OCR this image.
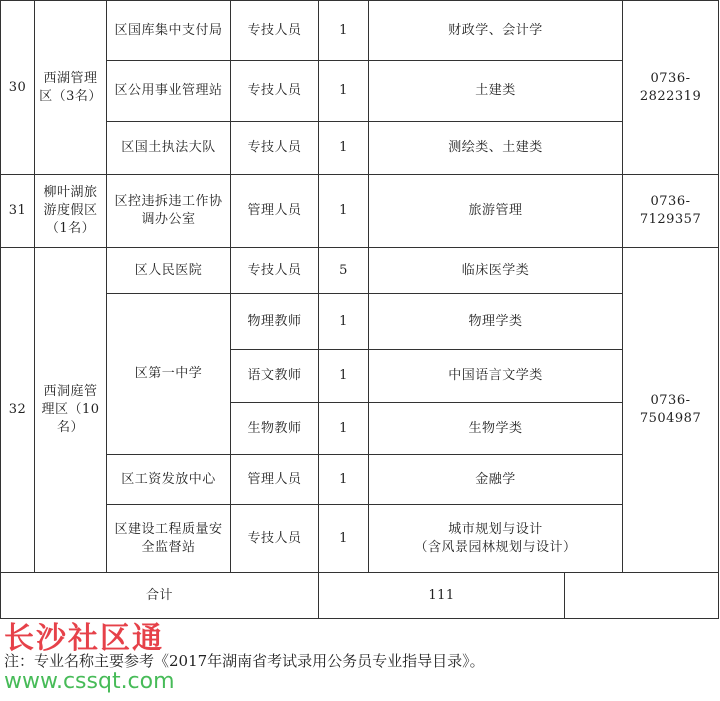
30	西湖管理区（3名）	区国库集中支付局	专技人员	1	财政学、会计学		0736-2822319
		区公用事业管理站	专技人员	1	土建类		
		区国土执法大队	专技人员	1	测绘类、土建类		
31	柳叶湖旅游度假区（1名）	区控违拆违工作协调办公室	管理人员	1	旅游管理		0736-7129357
32	西洞庭管理区（10名）	区人民医院	专技人员	5	临床医学类		0736-7504987
		区第一中学	物理教师	1	物理学类		
			语文教师	1	中国语言文学类		
			生物教师	1	生物学类		
		区工资发放中心	管理人员	1	金融学		
		区建设工程质量安全监督站	专技人员	1	城市规划与设计
（含风景园林规划与设计）		

合计				111			
注：专业名称主要参考《2017年湖南省考试录用公务员专业指导目录》。
长沙社区通
www.cssqt.com
